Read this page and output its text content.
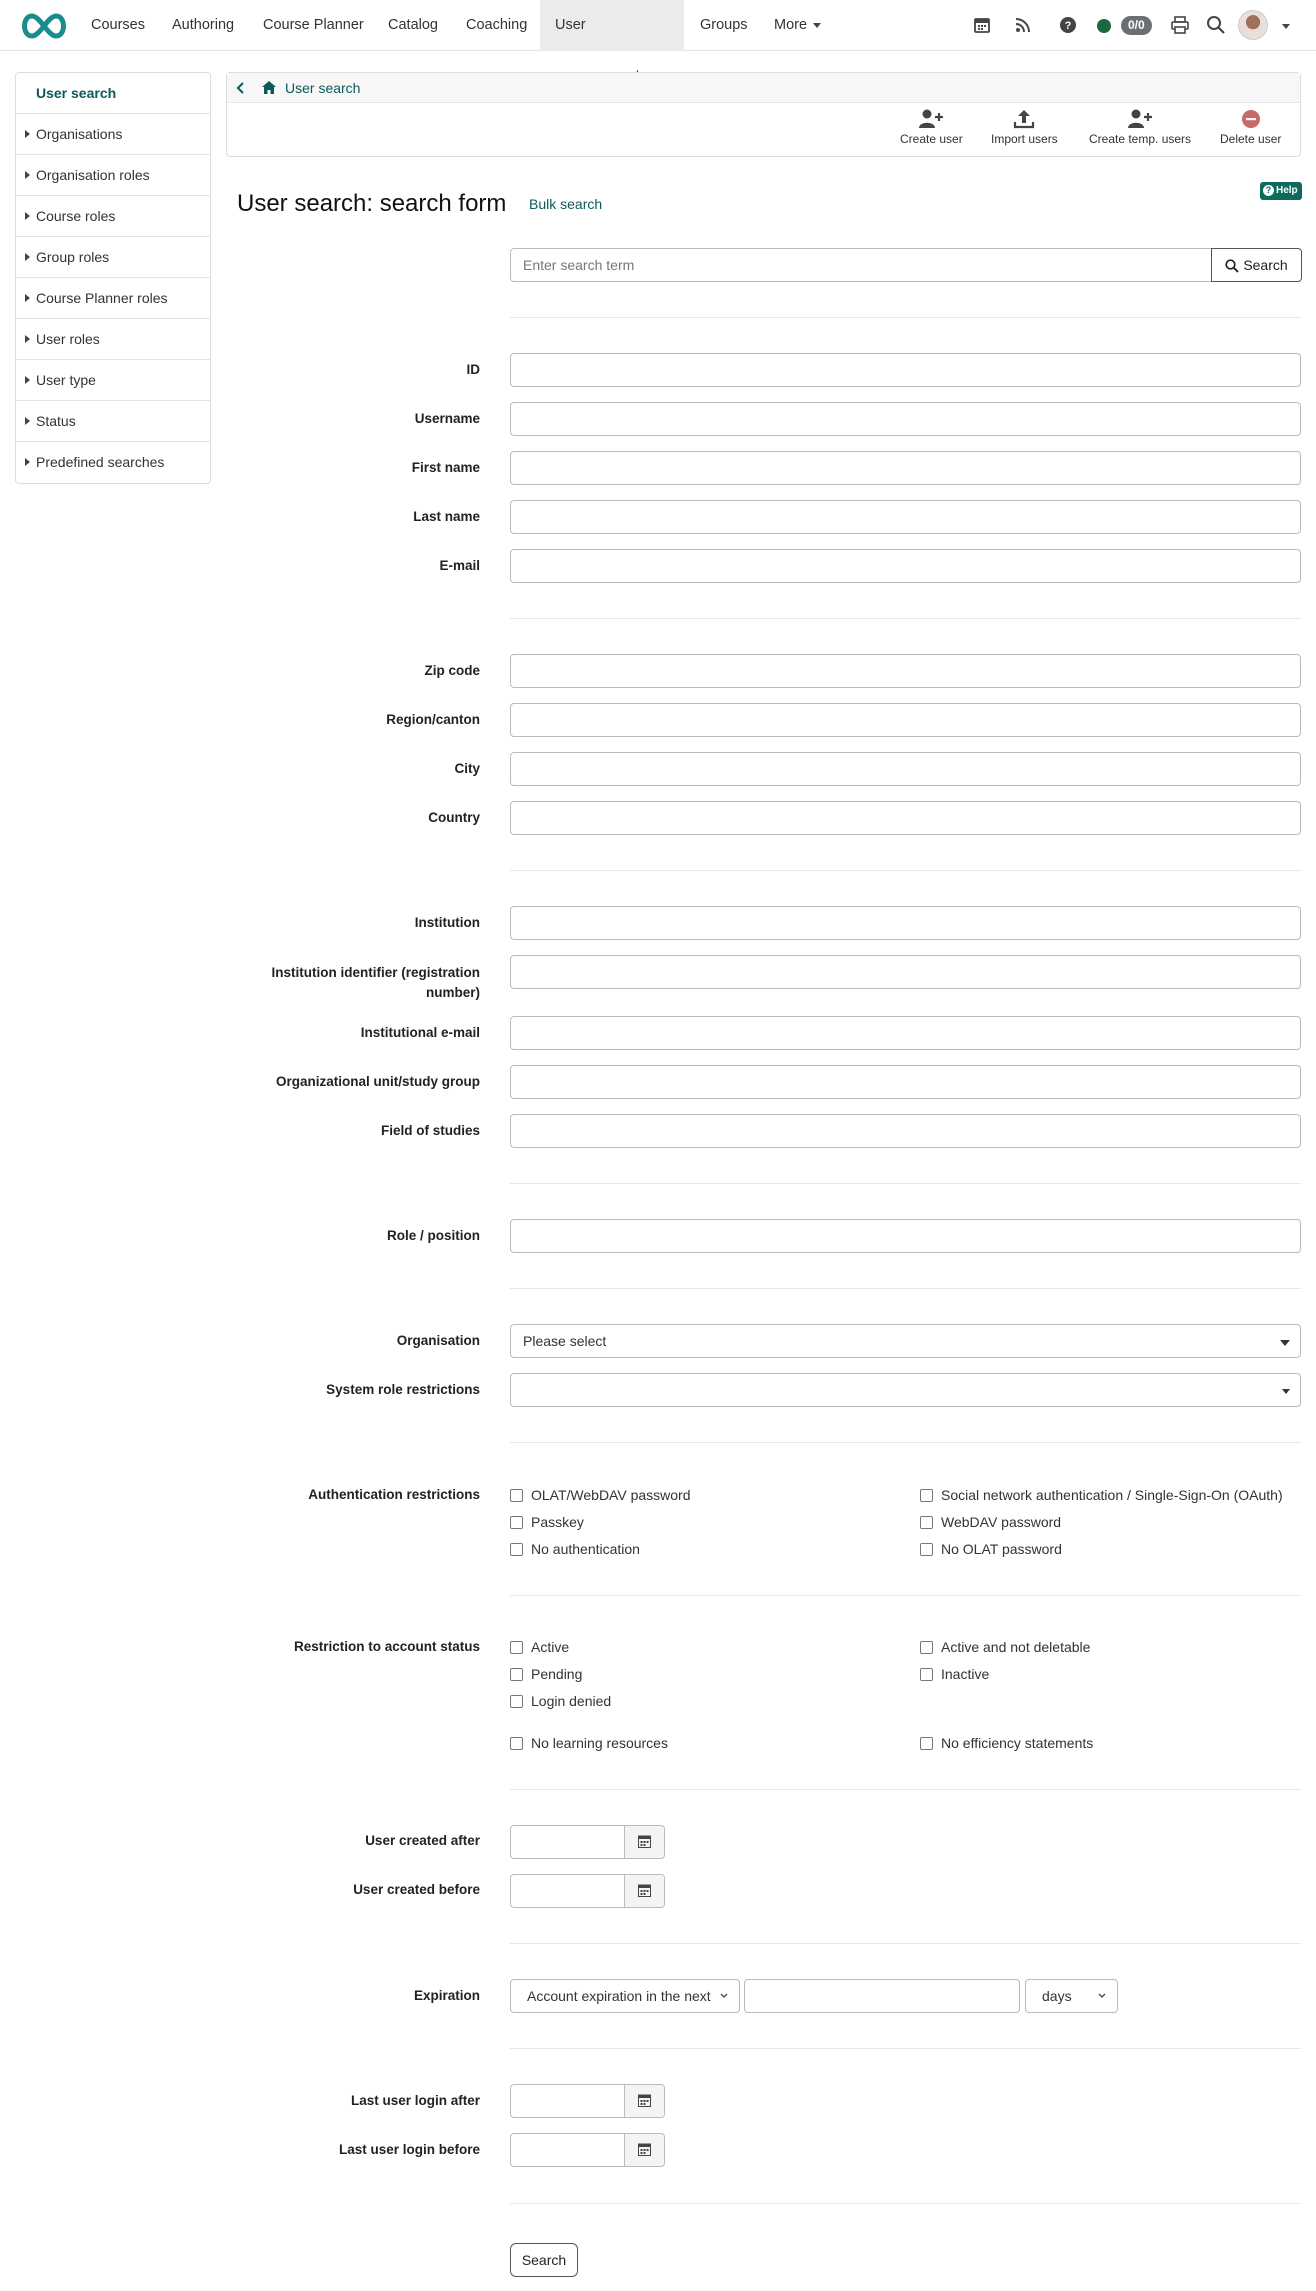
Courses	Authoring	Course Planner	Catalog	Coaching	User	Groups	More	?	0/0
User search
Organisations
Organisation roles
Course roles
Group roles
Course Planner roles
User roles
User type
Status
Predefined searches
User search
Create user Import users	Create temp. users Delete user
User search: search form Bulk search
? Help
Enter search term	Search
ID
Username
First name
Last name
E-mail
Zip code
Region/canton
City
Country
Institution
Institution identifier (registration
number)
Institutional e-mail
Organizational unit/study group
Field of studies
Role / position
Organisation	Please select
System role restrictions
Authentication restrictions	OLAT/WebDAV password	Social network authentication / Single-Sign-On (OAuth)
Passkey	WebDAV password
No authentication	No OLAT password
Restriction to account status	Active	Active and not deletable
Pending	Inactive
Login denied
No learning resources	No efficiency statements
User created after
User created before
Expiration	Account expiration in the next	days
Last user login after
Last user login before
Search
